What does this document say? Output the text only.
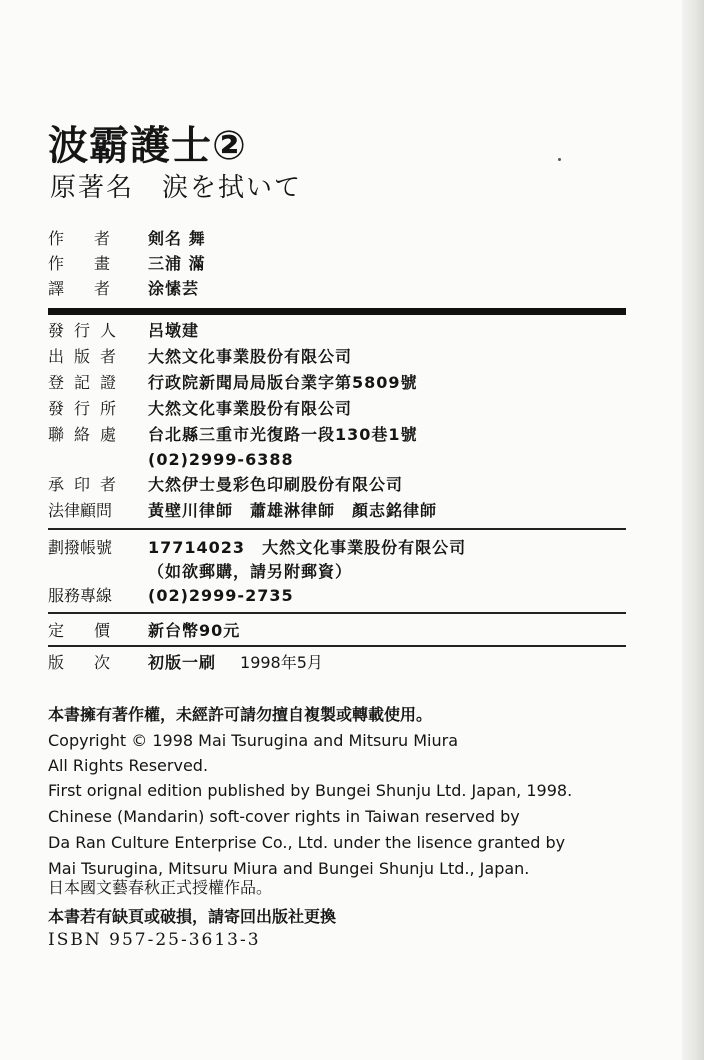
波霸護士②
原著名　涙を拭いて
作者 剣名 舞
作畫 三浦 滿
譯者 涂愫芸
發行人 呂墩建
出版者 大然文化事業股份有限公司
登記證 行政院新聞局局版台業字第5809號
發行所 大然文化事業股份有限公司
聯絡處 台北縣三重市光復路一段130巷1號
(02)2999-6388
承印者 大然伊士曼彩色印刷股份有限公司
法律顧問 黃壁川律師　蕭雄淋律師　顏志銘律師
劃撥帳號 17714023　大然文化事業股份有限公司
（如欲郵購，請另附郵資）
服務專線 (02)2999-2735
定價 新台幣90元
版次 初版一刷 1998年5月
本書擁有著作權，未經許可請勿擅自複製或轉載使用。
Copyright © 1998 Mai Tsurugina and Mitsuru Miura
All Rights Reserved.
First orignal edition published by Bungei Shunju Ltd. Japan, 1998.
Chinese (Mandarin) soft-cover rights in Taiwan reserved by
Da Ran Culture Enterprise Co., Ltd. under the lisence granted by
Mai Tsurugina, Mitsuru Miura and Bungei Shunju Ltd., Japan.
日本國文藝春秋正式授權作品。
本書若有缺頁或破損，請寄回出版社更換
ISBN 957-25-3613-3
